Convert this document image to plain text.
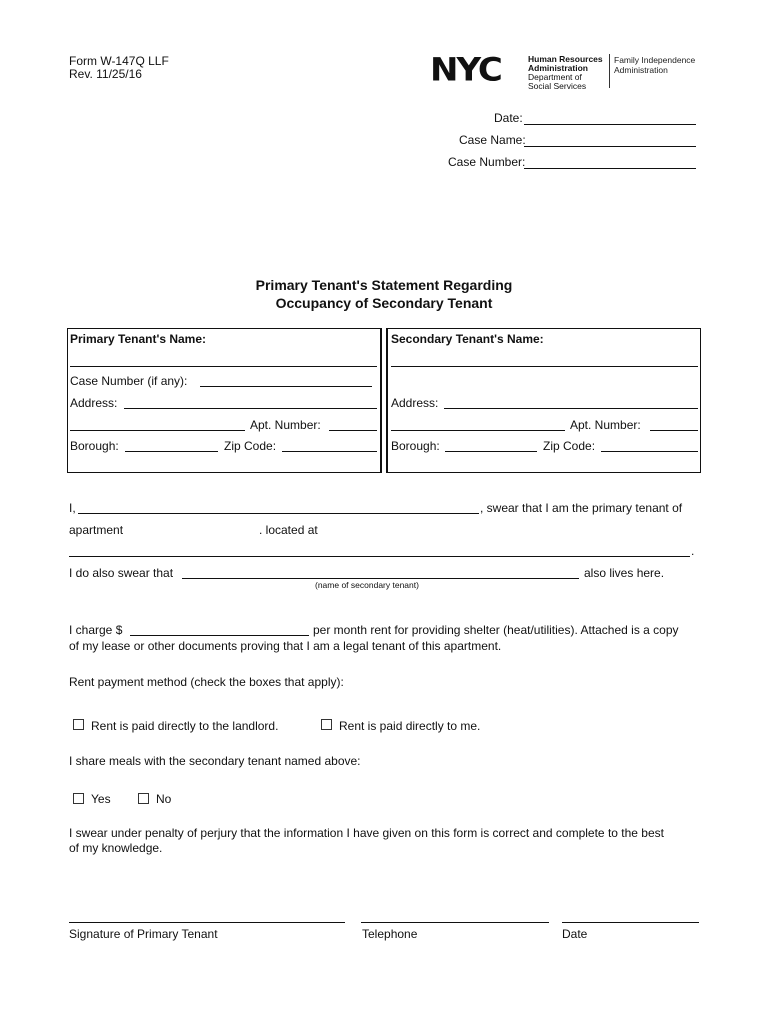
Form W-147Q LLF
Rev. 11/25/16	NYC	Human Resources
Administration
Department of
Social Services
Family Independence
Administration
Date:
Case Name:
Case Number:
Primary Tenant's Statement Regarding
Occupancy of Secondary Tenant
Primary Tenant's Name:
Case Number (if any):
Address:
Apt. Number:
Borough:	Zip Code:
Secondary Tenant's Name:
Address:
Apt. Number:
Borough:	Zip Code:
I,	, swear that I am the primary tenant of
apartment	. located at
.
I do also swear that	also lives here.
(name of secondary tenant)
I charge $	per month rent for providing shelter (heat/utilities). Attached is a copy
of my lease or other documents proving that I am a legal tenant of this apartment.
Rent payment method (check the boxes that apply):
Rent is paid directly to the landlord.	Rent is paid directly to me.
I share meals with the secondary tenant named above:
Yes	No
I swear under penalty of perjury that the information I have given on this form is correct and complete to the best
of my knowledge.
Signature of Primary Tenant	Telephone	Date
